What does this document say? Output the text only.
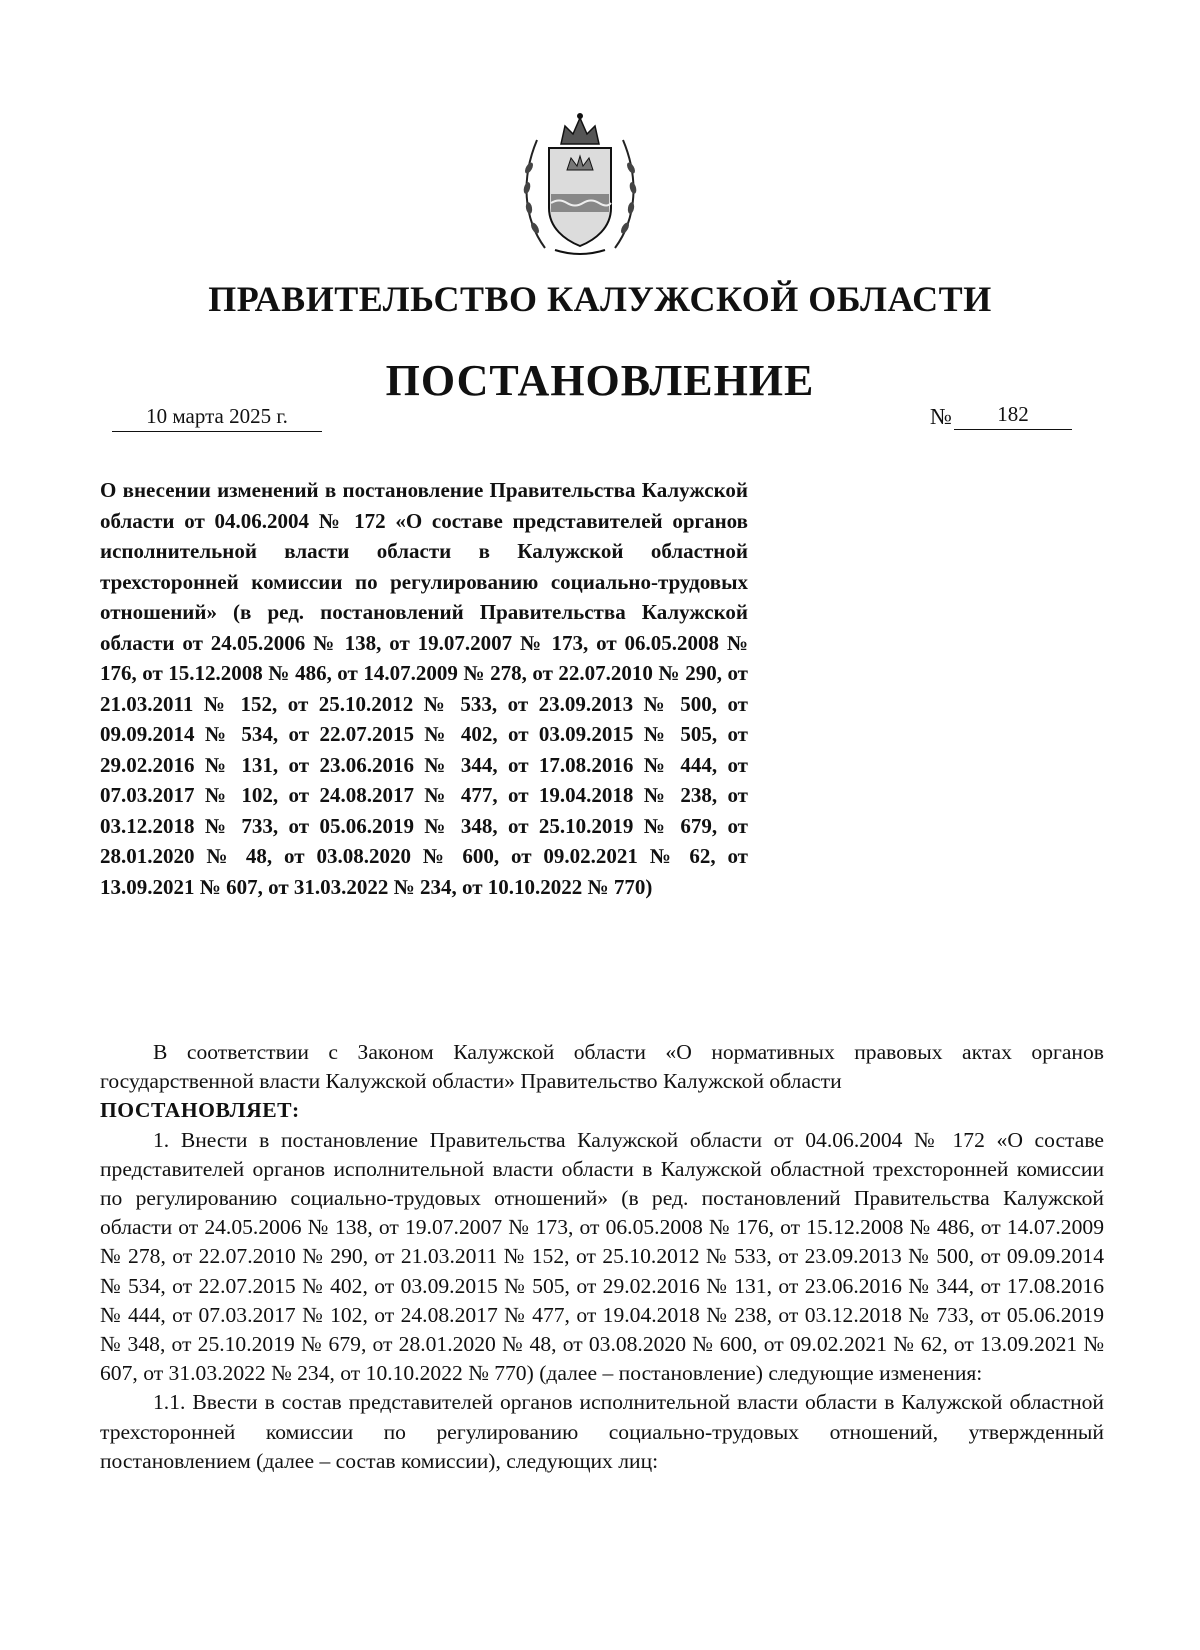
ПРАВИТЕЛЬСТВО КАЛУЖСКОЙ ОБЛАСТИ
ПОСТАНОВЛЕНИЕ
10 марта 2025 г.	№ 182
О внесении изменений в постановление Правительства Калужской области от 04.06.2004 № 172 «О составе представителей органов исполнительной власти области в Калужской областной трехсторонней комиссии по регулированию социально-трудовых отношений» (в ред. постановлений Правительства Калужской области от 24.05.2006 № 138, от 19.07.2007 № 173, от 06.05.2008 № 176, от 15.12.2008 № 486, от 14.07.2009 № 278, от 22.07.2010 № 290, от 21.03.2011 № 152, от 25.10.2012 № 533, от 23.09.2013 № 500, от 09.09.2014 № 534, от 22.07.2015 № 402, от 03.09.2015 № 505, от 29.02.2016 № 131, от 23.06.2016 № 344, от 17.08.2016 № 444, от 07.03.2017 № 102, от 24.08.2017 № 477, от 19.04.2018 № 238, от 03.12.2018 № 733, от 05.06.2019 № 348, от 25.10.2019 № 679, от 28.01.2020 № 48, от 03.08.2020 № 600, от 09.02.2021 № 62, от 13.09.2021 № 607, от 31.03.2022 № 234, от 10.10.2022 № 770)

В соответствии с Законом Калужской области «О нормативных правовых актах органов государственной власти Калужской области» Правительство Калужской области
ПОСТАНОВЛЯЕТ:

1. Внести в постановление Правительства Калужской области от 04.06.2004 № 172 «О составе представителей органов исполнительной власти области в Калужской областной трехсторонней комиссии по регулированию социально-трудовых отношений» (в ред. постановлений Правительства Калужской области от 24.05.2006 № 138, от 19.07.2007 № 173, от 06.05.2008 № 176, от 15.12.2008 № 486, от 14.07.2009 № 278, от 22.07.2010 № 290, от 21.03.2011 № 152, от 25.10.2012 № 533, от 23.09.2013 № 500, от 09.09.2014 № 534, от 22.07.2015 № 402, от 03.09.2015 № 505, от 29.02.2016 № 131, от 23.06.2016 № 344, от 17.08.2016 № 444, от 07.03.2017 № 102, от 24.08.2017 № 477, от 19.04.2018 № 238, от 03.12.2018 № 733, от 05.06.2019 № 348, от 25.10.2019 № 679, от 28.01.2020 № 48, от 03.08.2020 № 600, от 09.02.2021 № 62, от 13.09.2021 № 607, от 31.03.2022 № 234, от 10.10.2022 № 770) (далее – постановление) следующие изменения:

1.1. Ввести в состав представителей органов исполнительной власти области в Калужской областной трехсторонней комиссии по регулированию социально-трудовых отношений, утвержденный постановлением (далее – состав комиссии), следующих лиц:
